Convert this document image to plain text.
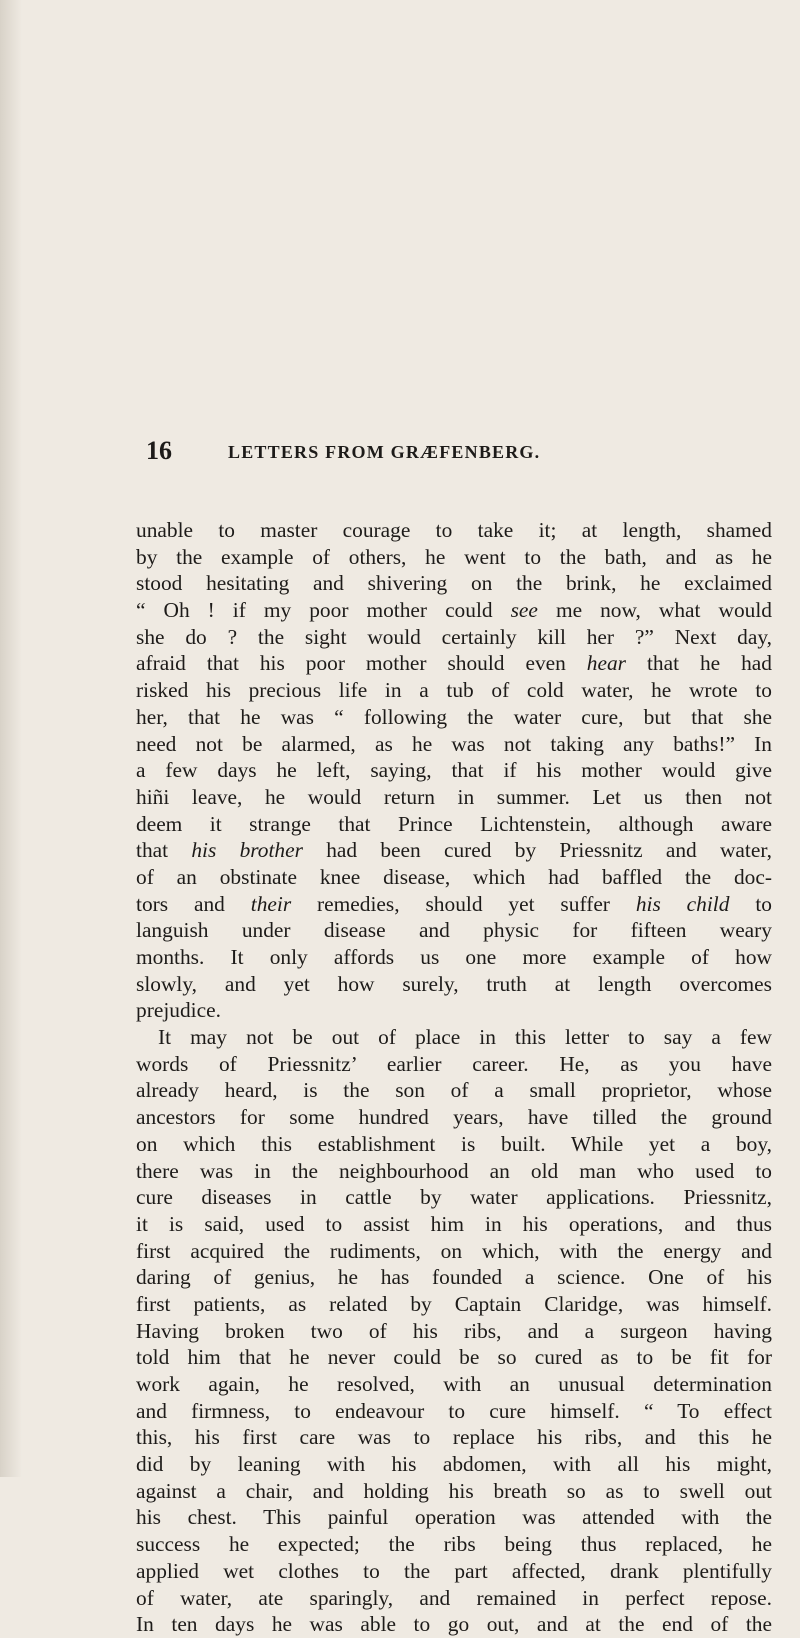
16	LETTERS FROM GRÆFENBERG.
unable to master courage to take it; at length, shamed
by the example of others, he went to the bath, and as he
stood hesitating and shivering on the brink, he exclaimed
“ Oh ! if my poor mother could see me now, what would
she do ? the sight would certainly kill her ?” Next day,
afraid that his poor mother should even hear that he had
risked his precious life in a tub of cold water, he wrote to
her, that he was “ following the water cure, but that she
need not be alarmed, as he was not taking any baths!” In
a few days he left, saying, that if his mother would give
hiñi leave, he would return in summer. Let us then not
deem it strange that Prince Lichtenstein, although aware
that his brother had been cured by Priessnitz and water,
of an obstinate knee disease, which had baffled the doc-
tors and their remedies, should yet suffer his child to
languish under disease and physic for fifteen weary
months. It only affords us one more example of how
slowly, and yet how surely, truth at length overcomes
prejudice.
It may not be out of place in this letter to say a few
words of Priessnitz’ earlier career. He, as you have
already heard, is the son of a small proprietor, whose
ancestors for some hundred years, have tilled the ground
on which this establishment is built. While yet a boy,
there was in the neighbourhood an old man who used to
cure diseases in cattle by water applications. Priessnitz,
it is said, used to assist him in his operations, and thus
first acquired the rudiments, on which, with the energy and
daring of genius, he has founded a science. One of his
first patients, as related by Captain Claridge, was himself.
Having broken two of his ribs, and a surgeon having
told him that he never could be so cured as to be fit for
work again, he resolved, with an unusual determination
and firmness, to endeavour to cure himself. “ To effect
this, his first care was to replace his ribs, and this he
did by leaning with his abdomen, with all his might,
against a chair, and holding his breath so as to swell out
his chest. This painful operation was attended with the
success he expected; the ribs being thus replaced, he
applied wet clothes to the part affected, drank plentifully
of water, ate sparingly, and remained in perfect repose.
In ten days he was able to go out, and at the end of the
